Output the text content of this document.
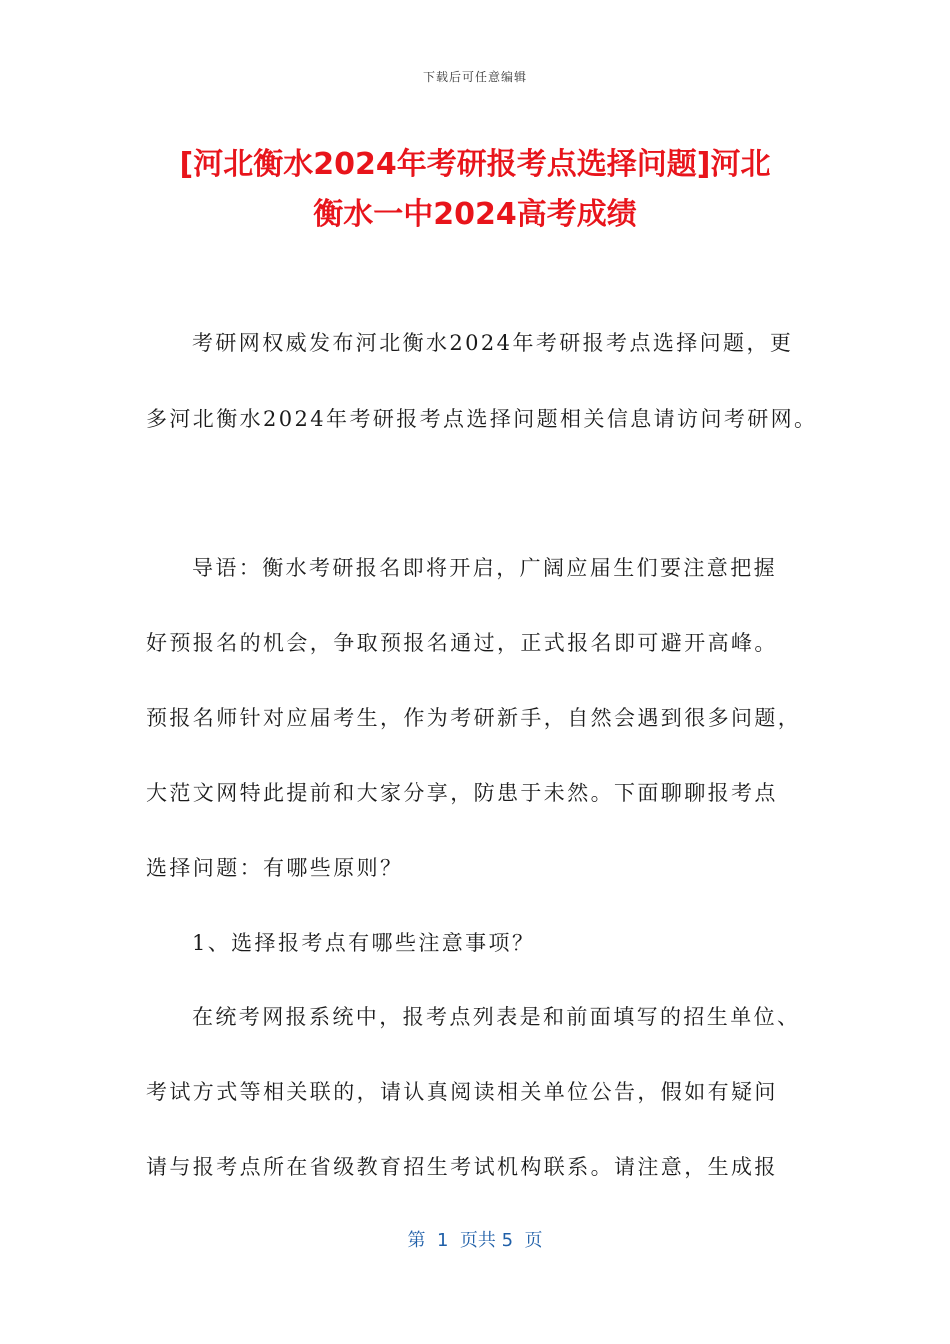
下载后可任意编辑
[河北衡水2024年考研报考点选择问题]河北
衡水一中2024高考成绩
考研网权威发布河北衡水2024年考研报考点选择问题，更
多河北衡水2024年考研报考点选择问题相关信息请访问考研网。
导语：衡水考研报名即将开启，广阔应届生们要注意把握
好预报名的机会，争取预报名通过，正式报名即可避开高峰。
预报名师针对应届考生，作为考研新手，自然会遇到很多问题，
大范文网特此提前和大家分享，防患于未然。下面聊聊报考点
选择问题：有哪些原则？
1、选择报考点有哪些注意事项？
在统考网报系统中，报考点列表是和前面填写的招生单位、
考试方式等相关联的，请认真阅读相关单位公告，假如有疑问
请与报考点所在省级教育招生考试机构联系。请注意，生成报
第  1  页共 5  页
